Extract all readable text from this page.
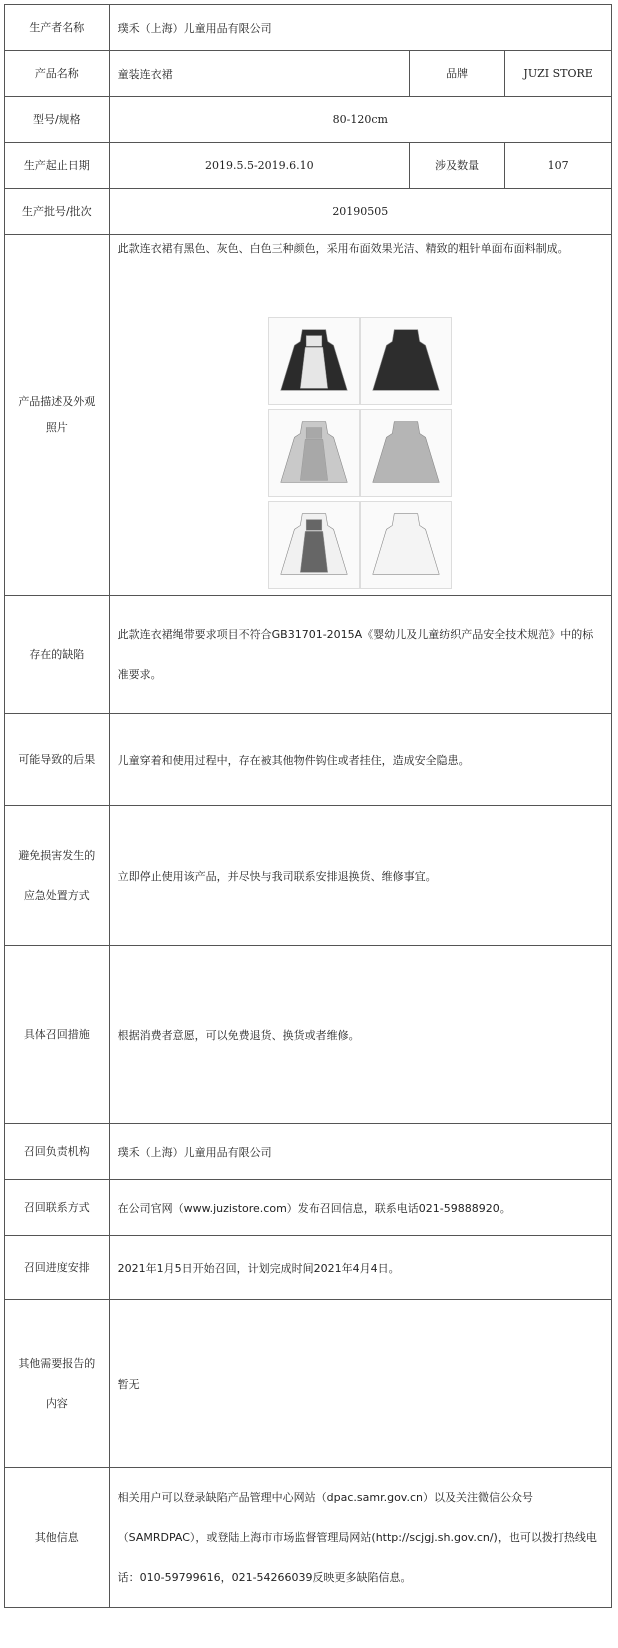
生产者名称	璞禾（上海）儿童用品有限公司		
产品名称	童装连衣裙	品牌	JUZI STORE
型号/规格	80-120cm		
生产起止日期	2019.5.5-2019.6.10	涉及数量	107
生产批号/批次	20190505		
产品描述及外观照片	此款连衣裙有黑色、灰色、白色三种颜色，采用布面效果光洁、精致的粗针单面布面料制成。		

存在的缺陷	此款连衣裙绳带要求项目不符合GB31701-2015A《婴幼儿及儿童纺织产品安全技术规范》中的标准要求。		
可能导致的后果	儿童穿着和使用过程中，存在被其他物件钩住或者挂住，造成安全隐患。		
避免损害发生的应急处置方式	立即停止使用该产品，并尽快与我司联系安排退换货、维修事宜。		
具体召回措施	根据消费者意愿，可以免费退货、换货或者维修。		
召回负责机构	璞禾（上海）儿童用品有限公司		
召回联系方式	在公司官网（www.juzistore.com）发布召回信息，联系电话021-59888920。		
召回进度安排	2021年1月5日开始召回，计划完成时间2021年4月4日。		
其他需要报告的内容	暂无		
其他信息	相关用户可以登录缺陷产品管理中心网站（dpac.samr.gov.cn）以及关注微信公众号（SAMRDPAC），或登陆上海市市场监督管理局网站(http://scjgj.sh.gov.cn/)，也可以拨打热线电话：010-59799616，021-54266039反映更多缺陷信息。		
